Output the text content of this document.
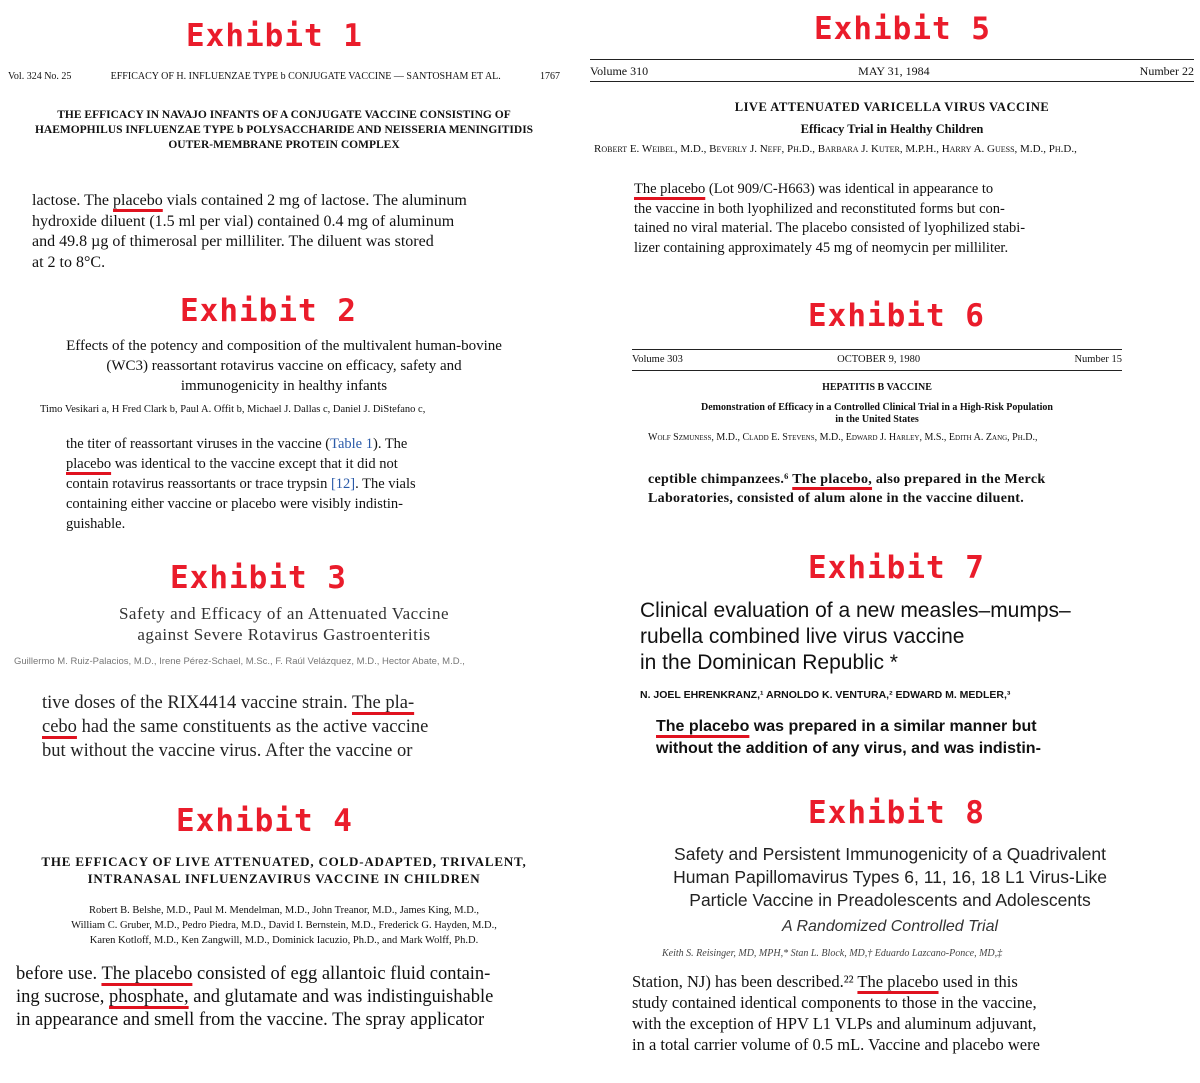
Exhibit 1
Vol. 324 No. 25	EFFICACY OF H. INFLUENZAE TYPE b CONJUGATE VACCINE — SANTOSHAM ET AL.	1767
THE EFFICACY IN NAVAJO INFANTS OF A CONJUGATE VACCINE CONSISTING OF
HAEMOPHILUS INFLUENZAE TYPE b POLYSACCHARIDE AND NEISSERIA MENINGITIDIS
OUTER-MEMBRANE PROTEIN COMPLEX
lactose. The placebo vials contained 2 mg of lactose. The aluminum
hydroxide diluent (1.5 ml per vial) contained 0.4 mg of aluminum
and 49.8 µg of thimerosal per milliliter. The diluent was stored
at 2 to 8°C.
Exhibit 2
Effects of the potency and composition of the multivalent human-bovine
(WC3) reassortant rotavirus vaccine on efficacy, safety and
immunogenicity in healthy infants
Timo Vesikari a, H Fred Clark b, Paul A. Offit b, Michael J. Dallas c, Daniel J. DiStefano c,
the titer of reassortant viruses in the vaccine (Table 1). The
placebo was identical to the vaccine except that it did not
contain rotavirus reassortants or trace trypsin [12]. The vials
containing either vaccine or placebo were visibly indistin-
guishable.
Exhibit 3
Safety and Efficacy of an Attenuated Vaccine
against Severe Rotavirus Gastroenteritis
Guillermo M. Ruiz-Palacios, M.D., Irene Pérez-Schael, M.Sc., F. Raúl Velázquez, M.D., Hector Abate, M.D.,
tive doses of the RIX4414 vaccine strain. The pla-
cebo had the same constituents as the active vaccine
but without the vaccine virus. After the vaccine or
Exhibit 4
THE EFFICACY OF LIVE ATTENUATED, COLD-ADAPTED, TRIVALENT,
INTRANASAL INFLUENZAVIRUS VACCINE IN CHILDREN
Robert B. Belshe, M.D., Paul M. Mendelman, M.D., John Treanor, M.D., James King, M.D.,
William C. Gruber, M.D., Pedro Piedra, M.D., David I. Bernstein, M.D., Frederick G. Hayden, M.D.,
Karen Kotloff, M.D., Ken Zangwill, M.D., Dominick Iacuzio, Ph.D., and Mark Wolff, Ph.D.
before use. The placebo consisted of egg allantoic fluid contain-
ing sucrose, phosphate, and glutamate and was indistinguishable
in appearance and smell from the vaccine. The spray applicator
Exhibit 5
Volume 310	MAY 31, 1984	Number 22
LIVE ATTENUATED VARICELLA VIRUS VACCINE
Efficacy Trial in Healthy Children
Robert E. Weibel, M.D., Beverly J. Neff, Ph.D., Barbara J. Kuter, M.P.H., Harry A. Guess, M.D., Ph.D.,
The placebo (Lot 909/C-H663) was identical in appearance to
the vaccine in both lyophilized and reconstituted forms but con-
tained no viral material. The placebo consisted of lyophilized stabi-
lizer containing approximately 45 mg of neomycin per milliliter.
Exhibit 6
Volume 303	OCTOBER 9, 1980	Number 15
HEPATITIS B VACCINE
Demonstration of Efficacy in a Controlled Clinical Trial in a High-Risk Population
in the United States
Wolf Szmuness, M.D., Cladd E. Stevens, M.D., Edward J. Harley, M.S., Edith A. Zang, Ph.D.,
ceptible chimpanzees.⁶ The placebo, also prepared in the Merck
Laboratories, consisted of alum alone in the vaccine diluent.
Exhibit 7
Clinical evaluation of a new measles–mumps–
rubella combined live virus vaccine
in the Dominican Republic *
N. JOEL EHRENKRANZ,¹ ARNOLDO K. VENTURA,² EDWARD M. MEDLER,³
The placebo was prepared in a similar manner but
without the addition of any virus, and was indistin-
Exhibit 8
Safety and Persistent Immunogenicity of a Quadrivalent
Human Papillomavirus Types 6, 11, 16, 18 L1 Virus-Like
Particle Vaccine in Preadolescents and Adolescents
A Randomized Controlled Trial
Keith S. Reisinger, MD, MPH,* Stan L. Block, MD,† Eduardo Lazcano-Ponce, MD,‡
Station, NJ) has been described.²² The placebo used in this
study contained identical components to those in the vaccine,
with the exception of HPV L1 VLPs and aluminum adjuvant,
in a total carrier volume of 0.5 mL. Vaccine and placebo were
